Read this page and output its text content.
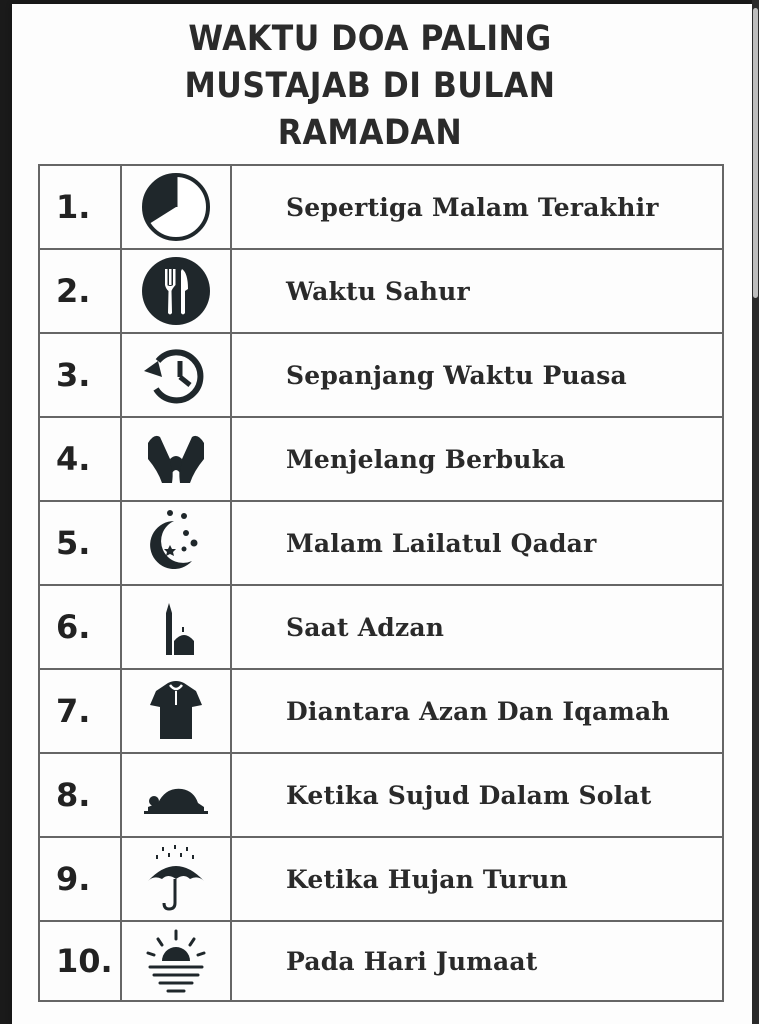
WAKTU DOA PALING
MUSTAJAB DI BULAN
RAMADAN
1.		Sepertiga Malam Terakhir
2.		Waktu Sahur
3.		Sepanjang Waktu Puasa
4.		Menjelang Berbuka
5.		Malam Lailatul Qadar
6.		Saat Adzan
7.		Diantara Azan Dan Iqamah
8.		Ketika Sujud Dalam Solat
9.		Ketika Hujan Turun
10.		Pada Hari Jumaat
